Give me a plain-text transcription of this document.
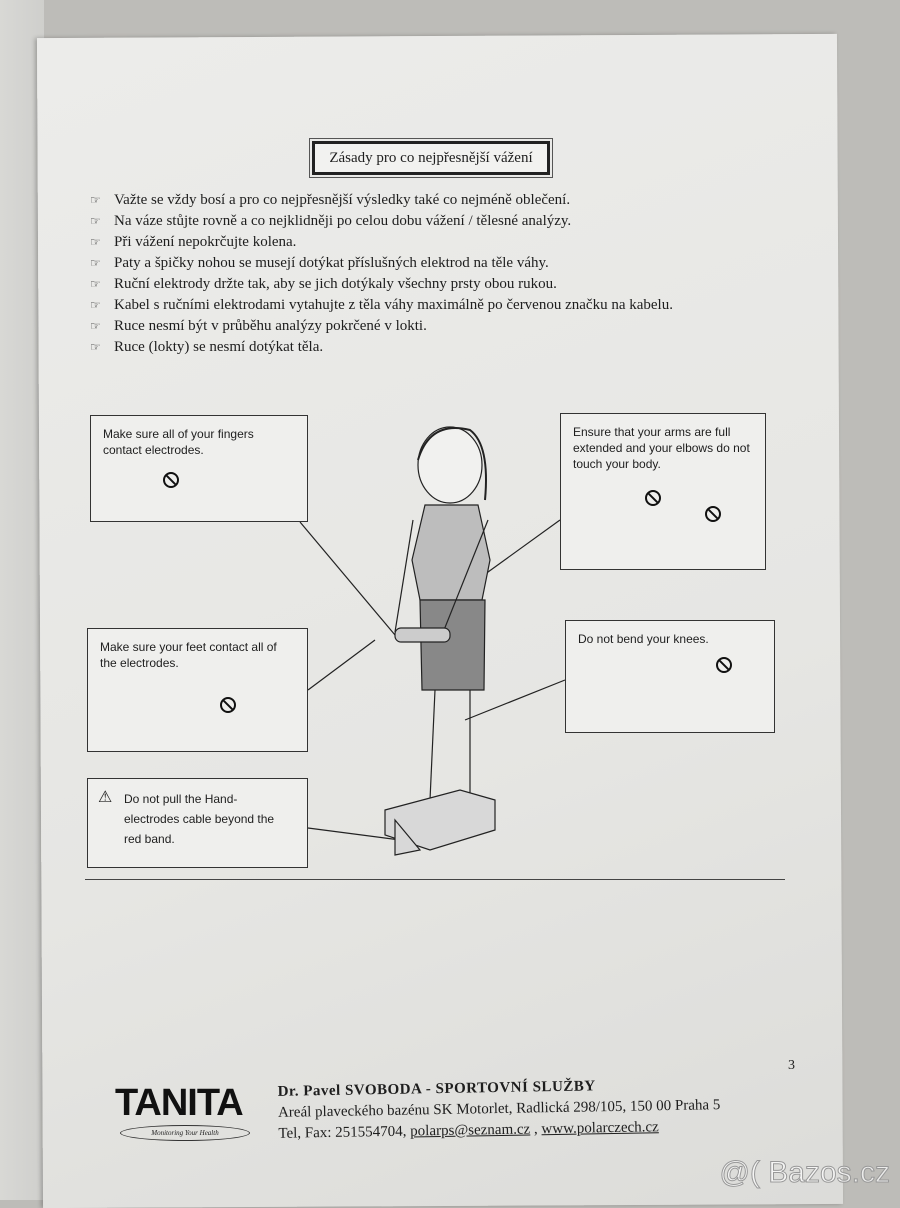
Zásady pro co nejpřesnější vážení
☞ Važte se vždy bosí a pro co nejpřesnější výsledky také co nejméně oblečení.
☞ Na váze stůjte rovně a co nejklidněji po celou dobu vážení / tělesné analýzy.
☞ Při vážení nepokrčujte kolena.
☞ Paty a špičky nohou se musejí dotýkat příslušných elektrod na těle váhy.
☞ Ruční elektrody držte tak, aby se jich dotýkaly všechny prsty obou rukou.
☞ Kabel s ručními elektrodami vytahujte z těla váhy maximálně po červenou značku na kabelu.
☞ Ruce nesmí být v průběhu analýzy pokrčené v lokti.
☞ Ruce (lokty) se nesmí dotýkat těla.
Make sure all of your fingers contact electrodes.
Ensure that your arms are full extended and your elbows do not touch your body.

Make sure your feet contact all of the electrodes.
Do not bend your knees.
⚠ Do not pull the Hand-electrodes cable beyond the red band.
TANITA
Monitoring Your Health
Dr. Pavel SVOBODA - SPORTOVNÍ SLUŽBY
Areál plaveckého bazénu SK Motorlet, Radlická 298/105, 150 00 Praha 5
Tel, Fax: 251554704, polarps@seznam.cz , www.polarczech.cz
3
@( Bazos.cz
